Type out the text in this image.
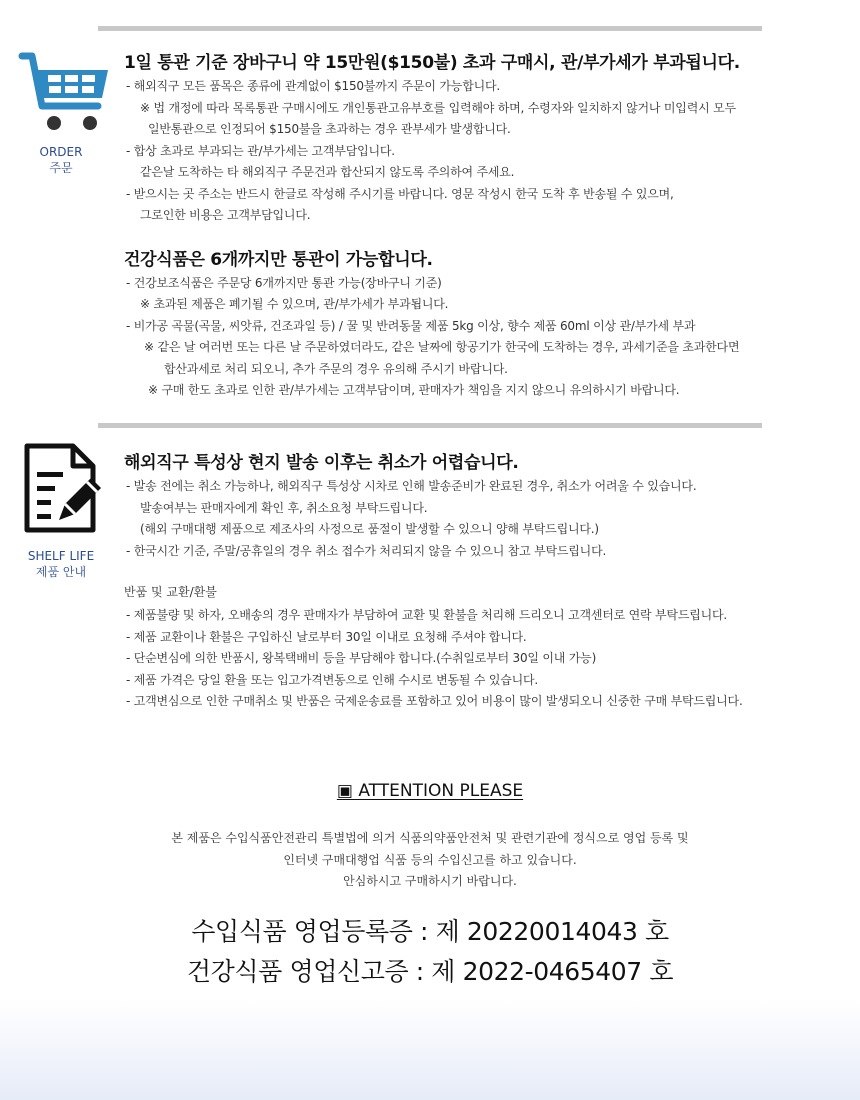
ORDER
주문
1일 통관 기준 장바구니 약 15만원($150불) 초과 구매시, 관/부가세가 부과됩니다.
- 해외직구 모든 품목은 종류에 관계없이 $150불까지 주문이 가능합니다.
※ 법 개정에 따라 목록통관 구매시에도 개인통관고유부호를 입력해야 하며, 수령자와 일치하지 않거나 미입력시 모두
일반통관으로 인정되어 $150불을 초과하는 경우 관부세가 발생합니다.
- 합상 초과로 부과되는 관/부가세는 고객부담입니다.
같은날 도착하는 타 해외직구 주문건과 합산되지 않도록 주의하여 주세요.
- 받으시는 곳 주소는 반드시 한글로 작성해 주시기를 바랍니다. 영문 작성시 한국 도착 후 반송될 수 있으며,
그로인한 비용은 고객부담입니다.
건강식품은 6개까지만 통관이 가능합니다.
- 건강보조식품은 주문당 6개까지만 통관 가능(장바구니 기준)
※ 초과된 제품은 폐기될 수 있으며, 관/부가세가 부과됩니다.
- 비가공 곡물(곡물, 씨앗류, 건조과일 등) / 꿀 및 반려동물 제품 5kg 이상, 향수 제품 60ml 이상 관/부가세 부과
※ 같은 날 여러번 또는 다른 날 주문하였더라도, 같은 날짜에 항공기가 한국에 도착하는 경우, 과세기준을 초과한다면
합산과세로 처리 되오니, 추가 주문의 경우 유의해 주시기 바랍니다.
※ 구매 한도 초과로 인한 관/부가세는 고객부담이며, 판매자가 책임을 지지 않으니 유의하시기 바랍니다.
SHELF LIFE
제품 안내
해외직구 특성상 현지 발송 이후는 취소가 어렵습니다.
- 발송 전에는 취소 가능하나, 해외직구 특성상 시차로 인해 발송준비가 완료된 경우, 취소가 어려울 수 있습니다.
발송여부는 판매자에게 확인 후, 취소요청 부탁드립니다.
(해외 구매대행 제품으로 제조사의 사정으로 품절이 발생할 수 있으니 양해 부탁드립니다.)
- 한국시간 기준, 주말/공휴일의 경우 취소 접수가 처리되지 않을 수 있으니 참고 부탁드립니다.
반품 및 교환/환불
- 제품불량 및 하자, 오배송의 경우 판매자가 부담하여 교환 및 환불을 처리해 드리오니 고객센터로 연락 부탁드립니다.
- 제품 교환이나 환불은 구입하신 날로부터 30일 이내로 요청해 주셔야 합니다.
- 단순변심에 의한 반품시, 왕복택배비 등을 부담해야 합니다.(수취일로부터 30일 이내 가능)
- 제품 가격은 당일 환율 또는 입고가격변동으로 인해 수시로 변동될 수 있습니다.
- 고객변심으로 인한 구매취소 및 반품은 국제운송료를 포함하고 있어 비용이 많이 발생되오니 신중한 구매 부탁드립니다.
▣ ATTENTION PLEASE
본 제품은 수입식품안전관리 특별법에 의거 식품의약품안전처 및 관련기관에 정식으로 영업 등록 및
인터넷 구매대행업 식품 등의 수입신고를 하고 있습니다.
안심하시고 구매하시기 바랍니다.
수입식품 영업등록증 : 제 20220014043 호
건강식품 영업신고증 : 제 2022-0465407 호
